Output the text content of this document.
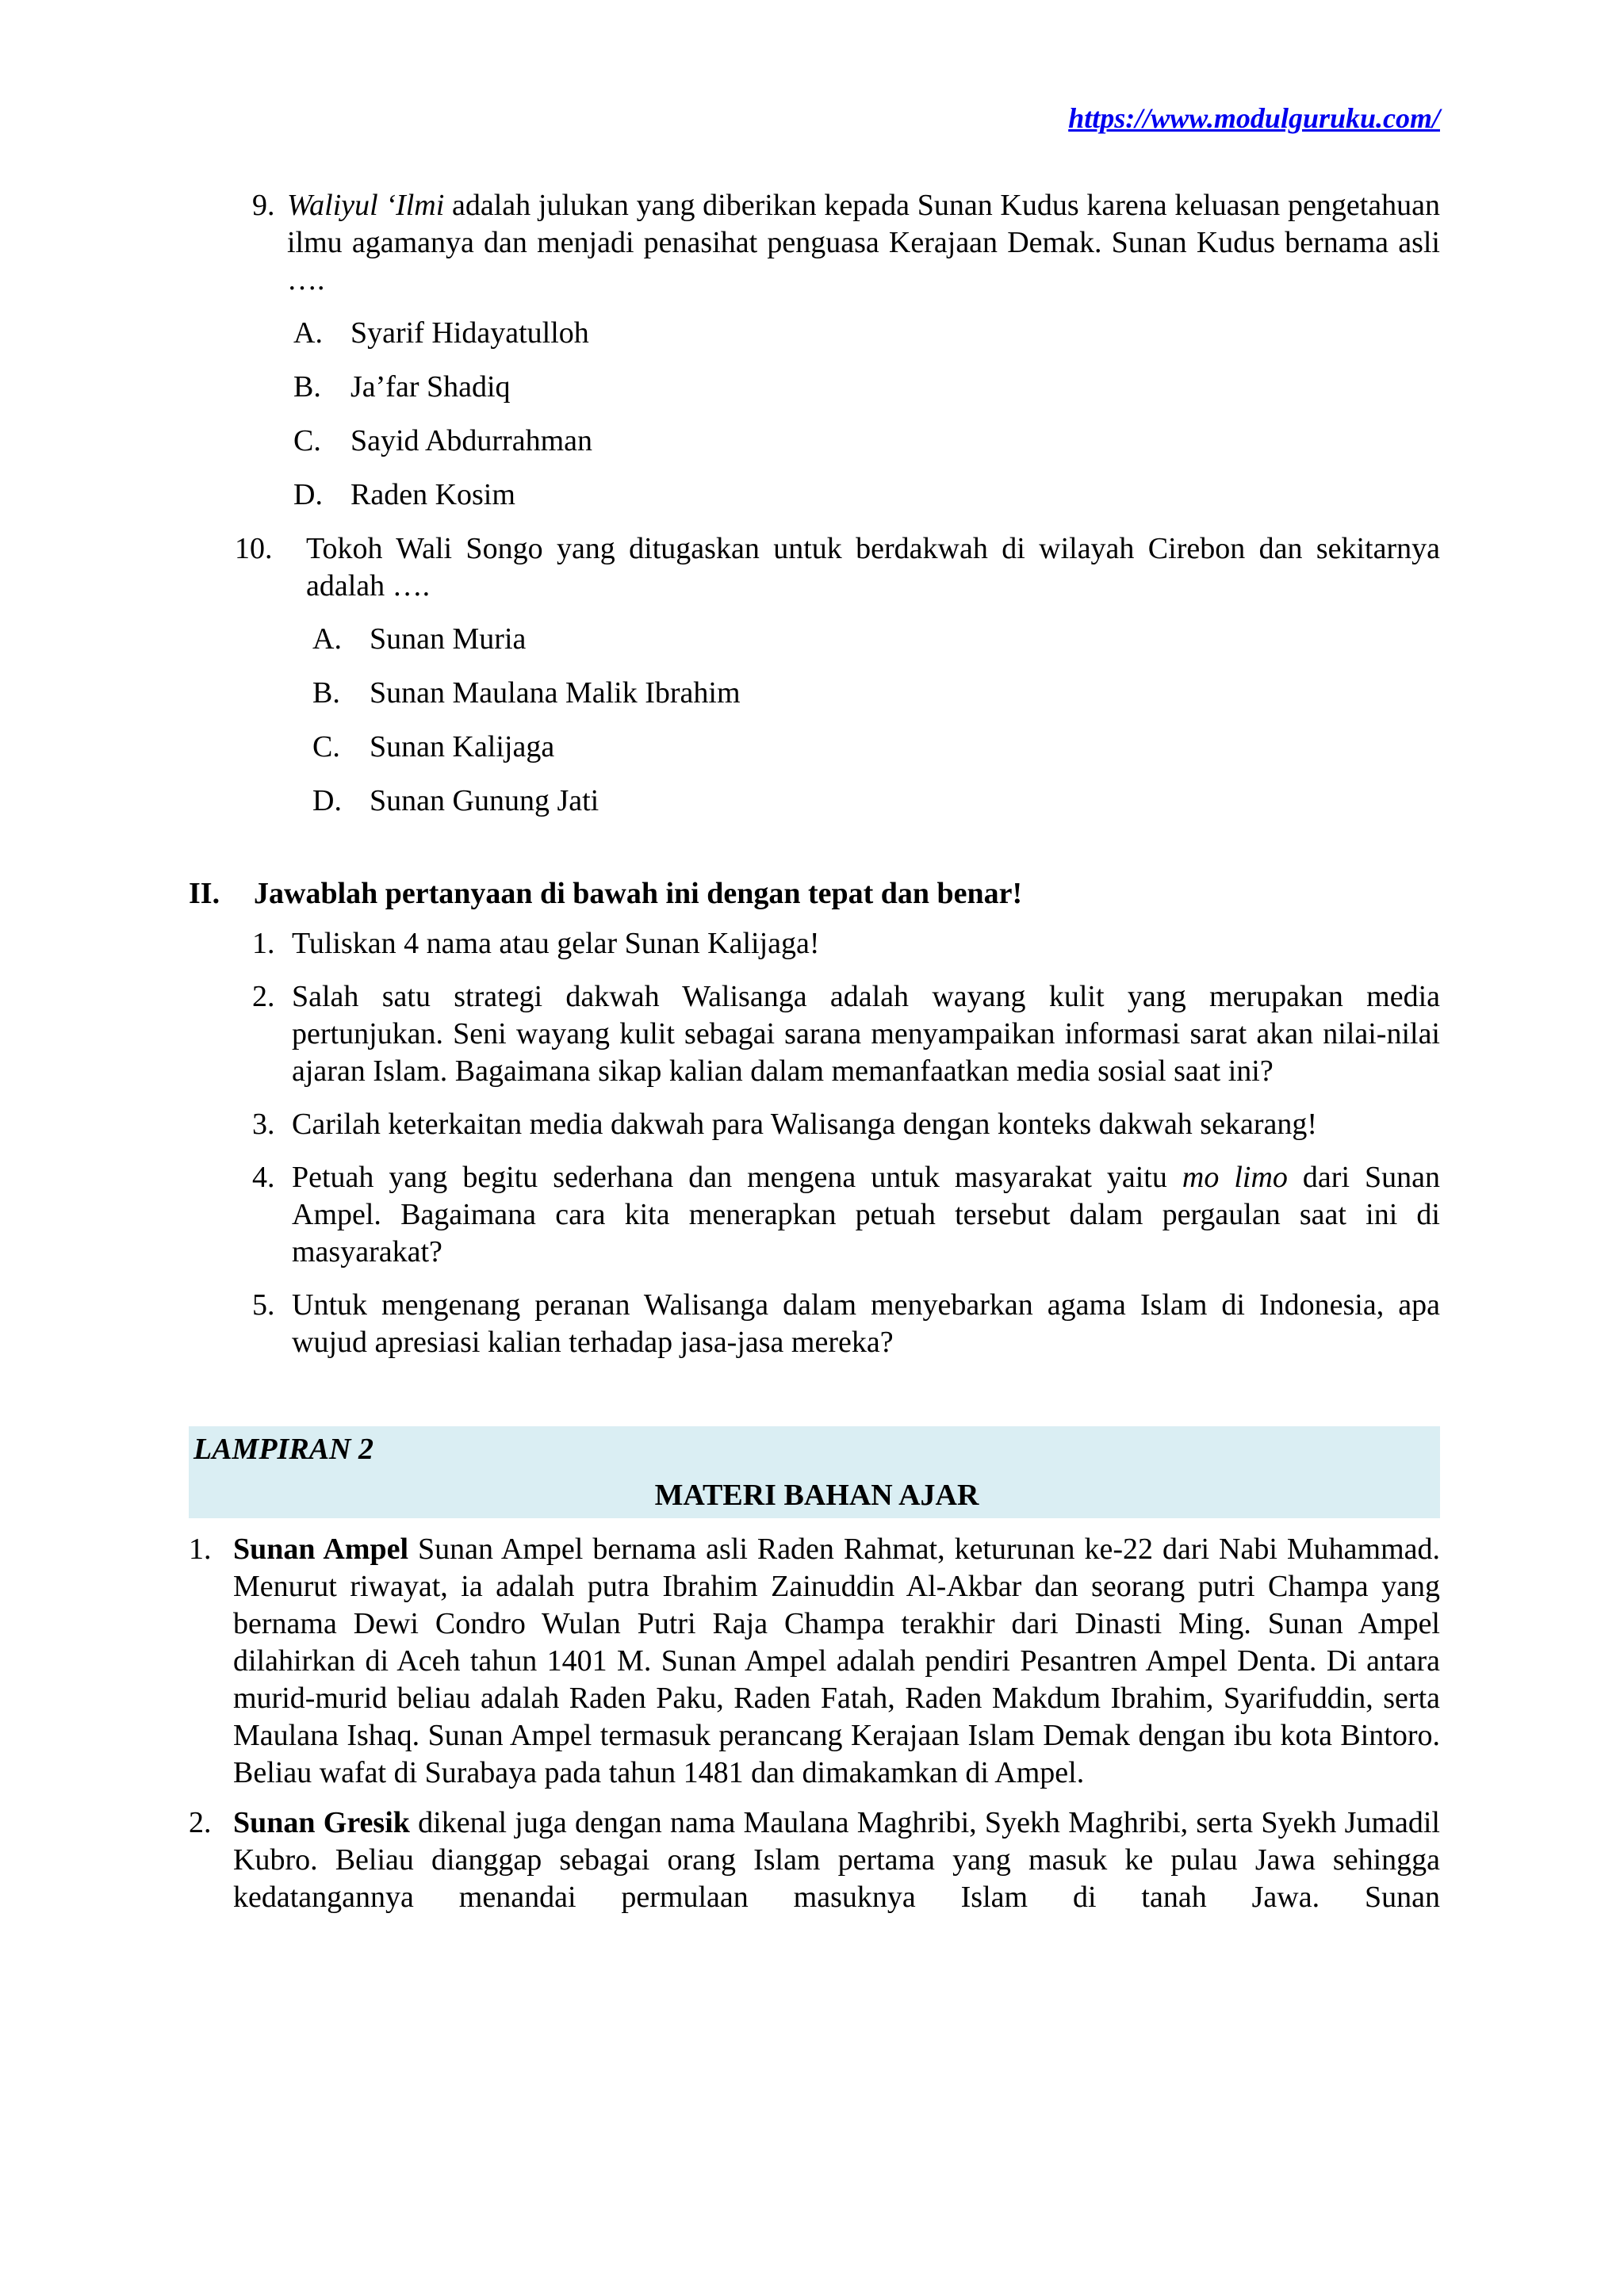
https://www.modulguruku.com/
9. Waliyul ‘Ilmi adalah julukan yang diberikan kepada Sunan Kudus karena keluasan pengetahuan ilmu agamanya dan menjadi penasihat penguasa Kerajaan Demak. Sunan Kudus bernama asli ….
A. Syarif Hidayatulloh
B. Ja’far Shadiq
C. Sayid Abdurrahman
D. Raden Kosim
10. Tokoh Wali Songo yang ditugaskan untuk berdakwah di wilayah Cirebon dan sekitarnya adalah ….
A. Sunan Muria
B. Sunan Maulana Malik Ibrahim
C. Sunan Kalijaga
D. Sunan Gunung Jati
II. Jawablah pertanyaan di bawah ini dengan tepat dan benar!
1. Tuliskan 4 nama atau gelar Sunan Kalijaga!
2. Salah satu strategi dakwah Walisanga adalah wayang kulit yang merupakan media pertunjukan. Seni wayang kulit sebagai sarana menyampaikan informasi sarat akan nilai-nilai ajaran Islam. Bagaimana sikap kalian dalam memanfaatkan media sosial saat ini?
3. Carilah keterkaitan media dakwah para Walisanga dengan konteks dakwah sekarang!
4. Petuah yang begitu sederhana dan mengena untuk masyarakat yaitu mo limo dari Sunan Ampel. Bagaimana cara kita menerapkan petuah tersebut dalam pergaulan saat ini di masyarakat?
5. Untuk mengenang peranan Walisanga dalam menyebarkan agama Islam di Indonesia, apa wujud apresiasi kalian terhadap jasa-jasa mereka?
LAMPIRAN 2
MATERI BAHAN AJAR
1. Sunan Ampel Sunan Ampel bernama asli Raden Rahmat, keturunan ke-22 dari Nabi Muhammad. Menurut riwayat, ia adalah putra Ibrahim Zainuddin Al-Akbar dan seorang putri Champa yang bernama Dewi Condro Wulan Putri Raja Champa terakhir dari Dinasti Ming. Sunan Ampel dilahirkan di Aceh tahun 1401 M. Sunan Ampel adalah pendiri Pesantren Ampel Denta. Di antara murid-murid beliau adalah Raden Paku, Raden Fatah, Raden Makdum Ibrahim, Syarifuddin, serta Maulana Ishaq. Sunan Ampel termasuk perancang Kerajaan Islam Demak dengan ibu kota Bintoro. Beliau wafat di Surabaya pada tahun 1481 dan dimakamkan di Ampel.
2. Sunan Gresik dikenal juga dengan nama Maulana Maghribi, Syekh Maghribi, serta Syekh Jumadil Kubro. Beliau dianggap sebagai orang Islam pertama yang masuk ke pulau Jawa sehingga kedatangannya menandai permulaan masuknya Islam di tanah Jawa. Sunan
